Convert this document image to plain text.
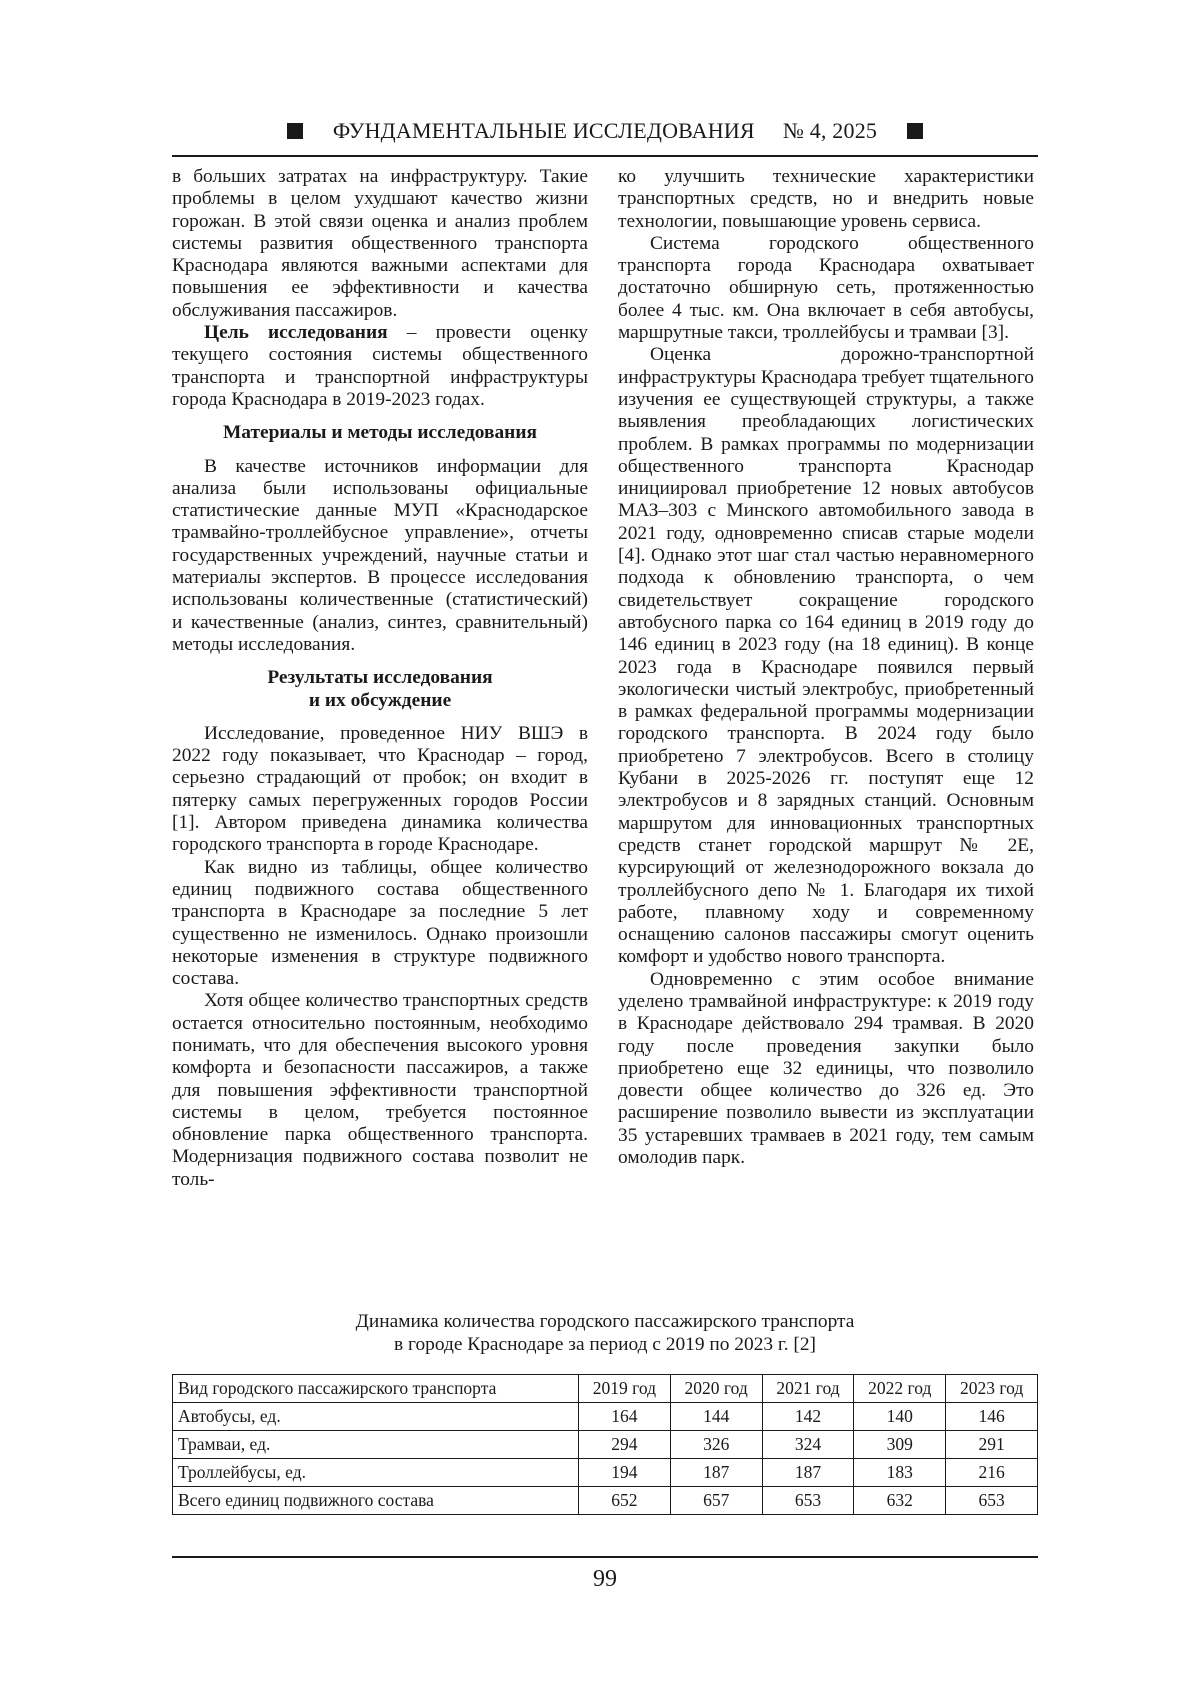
ФУНДАМЕНТАЛЬНЫЕ ИССЛЕДОВАНИЯ № 4, 2025

в больших затратах на инфраструктуру. Такие проблемы в целом ухудшают качество жизни горожан. В этой связи оценка и анализ проблем системы развития общественного транспорта Краснодара являются важными аспектами для повышения ее эффективности и качества обслуживания пассажиров.

Цель исследования – провести оценку текущего состояния системы общественного транспорта и транспортной инфраструктуры города Краснодара в 2019-2023 годах.

Материалы и методы исследования

В качестве источников информации для анализа были использованы официальные статистические данные МУП «Краснодарское трамвайно-троллейбусное управление», отчеты государственных учреждений, научные статьи и материалы экспертов. В процессе исследования использованы количественные (статистический) и качественные (анализ, синтез, сравнительный) методы исследования.

Результаты исследования
и их обсуждение

Исследование, проведенное НИУ ВШЭ в 2022 году показывает, что Краснодар – город, серьезно страдающий от пробок; он входит в пятерку самых перегруженных городов России [1]. Автором приведена динамика количества городского транспорта в городе Краснодаре.

Как видно из таблицы, общее количество единиц подвижного состава общественного транспорта в Краснодаре за последние 5 лет существенно не изменилось. Однако произошли некоторые изменения в структуре подвижного состава.

Хотя общее количество транспортных средств остается относительно постоянным, необходимо понимать, что для обеспечения высокого уровня комфорта и безопасности пассажиров, а также для повышения эффективности транспортной системы в целом, требуется постоянное обновление парка общественного транспорта. Модернизация подвижного состава позволит не толь-

ко улучшить технические характеристики транспортных средств, но и внедрить новые технологии, повышающие уровень сервиса.

Система городского общественного транспорта города Краснодара охватывает достаточно обширную сеть, протяженностью более 4 тыс. км. Она включает в себя автобусы, маршрутные такси, троллейбусы и трамваи [3].

Оценка дорожно-транспортной инфраструктуры Краснодара требует тщательного изучения ее существующей структуры, а также выявления преобладающих логистических проблем. В рамках программы по модернизации общественного транспорта Краснодар инициировал приобретение 12 новых автобусов МАЗ–303 с Минского автомобильного завода в 2021 году, одновременно списав старые модели [4]. Однако этот шаг стал частью неравномерного подхода к обновлению транспорта, о чем свидетельствует сокращение городского автобусного парка со 164 единиц в 2019 году до 146 единиц в 2023 году (на 18 единиц). В конце 2023 года в Краснодаре появился первый экологически чистый электробус, приобретенный в рамках федеральной программы модернизации городского транспорта. В 2024 году было приобретено 7 электробусов. Всего в столицу Кубани в 2025-2026 гг. поступят еще 12 электробусов и 8 зарядных станций. Основным маршрутом для инновационных транспортных средств станет городской маршрут № 2Е, курсирующий от железнодорожного вокзала до троллейбусного депо № 1. Благодаря их тихой работе, плавному ходу и современному оснащению салонов пассажиры смогут оценить комфорт и удобство нового транспорта.

Одновременно с этим особое внимание уделено трамвайной инфраструктуре: к 2019 году в Краснодаре действовало 294 трамвая. В 2020 году после проведения закупки было приобретено еще 32 единицы, что позволило довести общее количество до 326 ед. Это расширение позволило вывести из эксплуатации 35 устаревших трамваев в 2021 году, тем самым омолодив парк.

Динамика количества городского пассажирского транспорта
в городе Краснодаре за период с 2019 по 2023 г. [2]
Вид городского пассажирского транспорта	2019 год	2020 год	2021 год	2022 год	2023 год
Автобусы, ед.	164	144	142	140	146
Трамваи, ед.	294	326	324	309	291
Троллейбусы, ед.	194	187	187	183	216
Всего единиц подвижного состава	652	657	653	632	653
99
